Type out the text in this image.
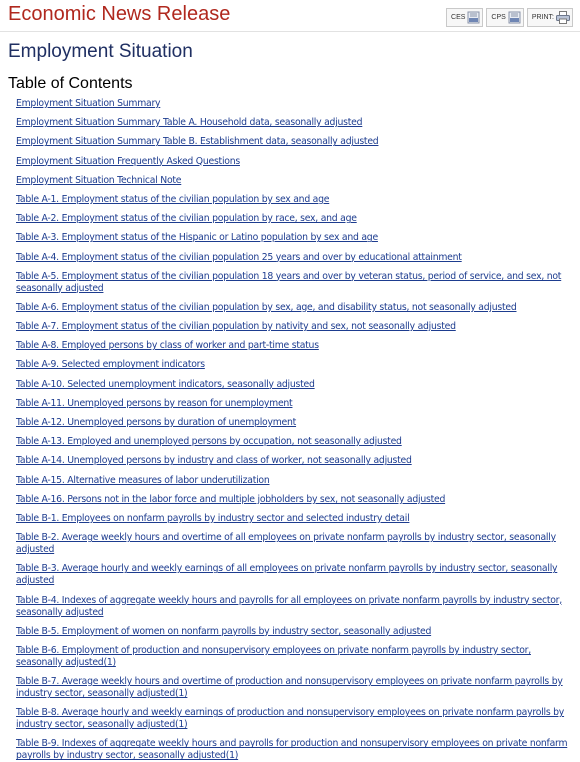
Economic News Release	CES	CPS	PRINT:
Employment Situation
Table of Contents
Employment Situation Summary
Employment Situation Summary Table A. Household data, seasonally adjusted
Employment Situation Summary Table B. Establishment data, seasonally adjusted
Employment Situation Frequently Asked Questions
Employment Situation Technical Note
Table A-1. Employment status of the civilian population by sex and age
Table A-2. Employment status of the civilian population by race, sex, and age
Table A-3. Employment status of the Hispanic or Latino population by sex and age
Table A-4. Employment status of the civilian population 25 years and over by educational attainment
Table A-5. Employment status of the civilian population 18 years and over by veteran status, period of service, and sex, not seasonally adjusted
Table A-6. Employment status of the civilian population by sex, age, and disability status, not seasonally adjusted
Table A-7. Employment status of the civilian population by nativity and sex, not seasonally adjusted
Table A-8. Employed persons by class of worker and part-time status
Table A-9. Selected employment indicators
Table A-10. Selected unemployment indicators, seasonally adjusted
Table A-11. Unemployed persons by reason for unemployment
Table A-12. Unemployed persons by duration of unemployment
Table A-13. Employed and unemployed persons by occupation, not seasonally adjusted
Table A-14. Unemployed persons by industry and class of worker, not seasonally adjusted
Table A-15. Alternative measures of labor underutilization
Table A-16. Persons not in the labor force and multiple jobholders by sex, not seasonally adjusted
Table B-1. Employees on nonfarm payrolls by industry sector and selected industry detail
Table B-2. Average weekly hours and overtime of all employees on private nonfarm payrolls by industry sector, seasonally adjusted
Table B-3. Average hourly and weekly earnings of all employees on private nonfarm payrolls by industry sector, seasonally adjusted
Table B-4. Indexes of aggregate weekly hours and payrolls for all employees on private nonfarm payrolls by industry sector, seasonally adjusted
Table B-5. Employment of women on nonfarm payrolls by industry sector, seasonally adjusted
Table B-6. Employment of production and nonsupervisory employees on private nonfarm payrolls by industry sector, seasonally adjusted(1)
Table B-7. Average weekly hours and overtime of production and nonsupervisory employees on private nonfarm payrolls by industry sector, seasonally adjusted(1)
Table B-8. Average hourly and weekly earnings of production and nonsupervisory employees on private nonfarm payrolls by industry sector, seasonally adjusted(1)
Table B-9. Indexes of aggregate weekly hours and payrolls for production and nonsupervisory employees on private nonfarm payrolls by industry sector, seasonally adjusted(1)
